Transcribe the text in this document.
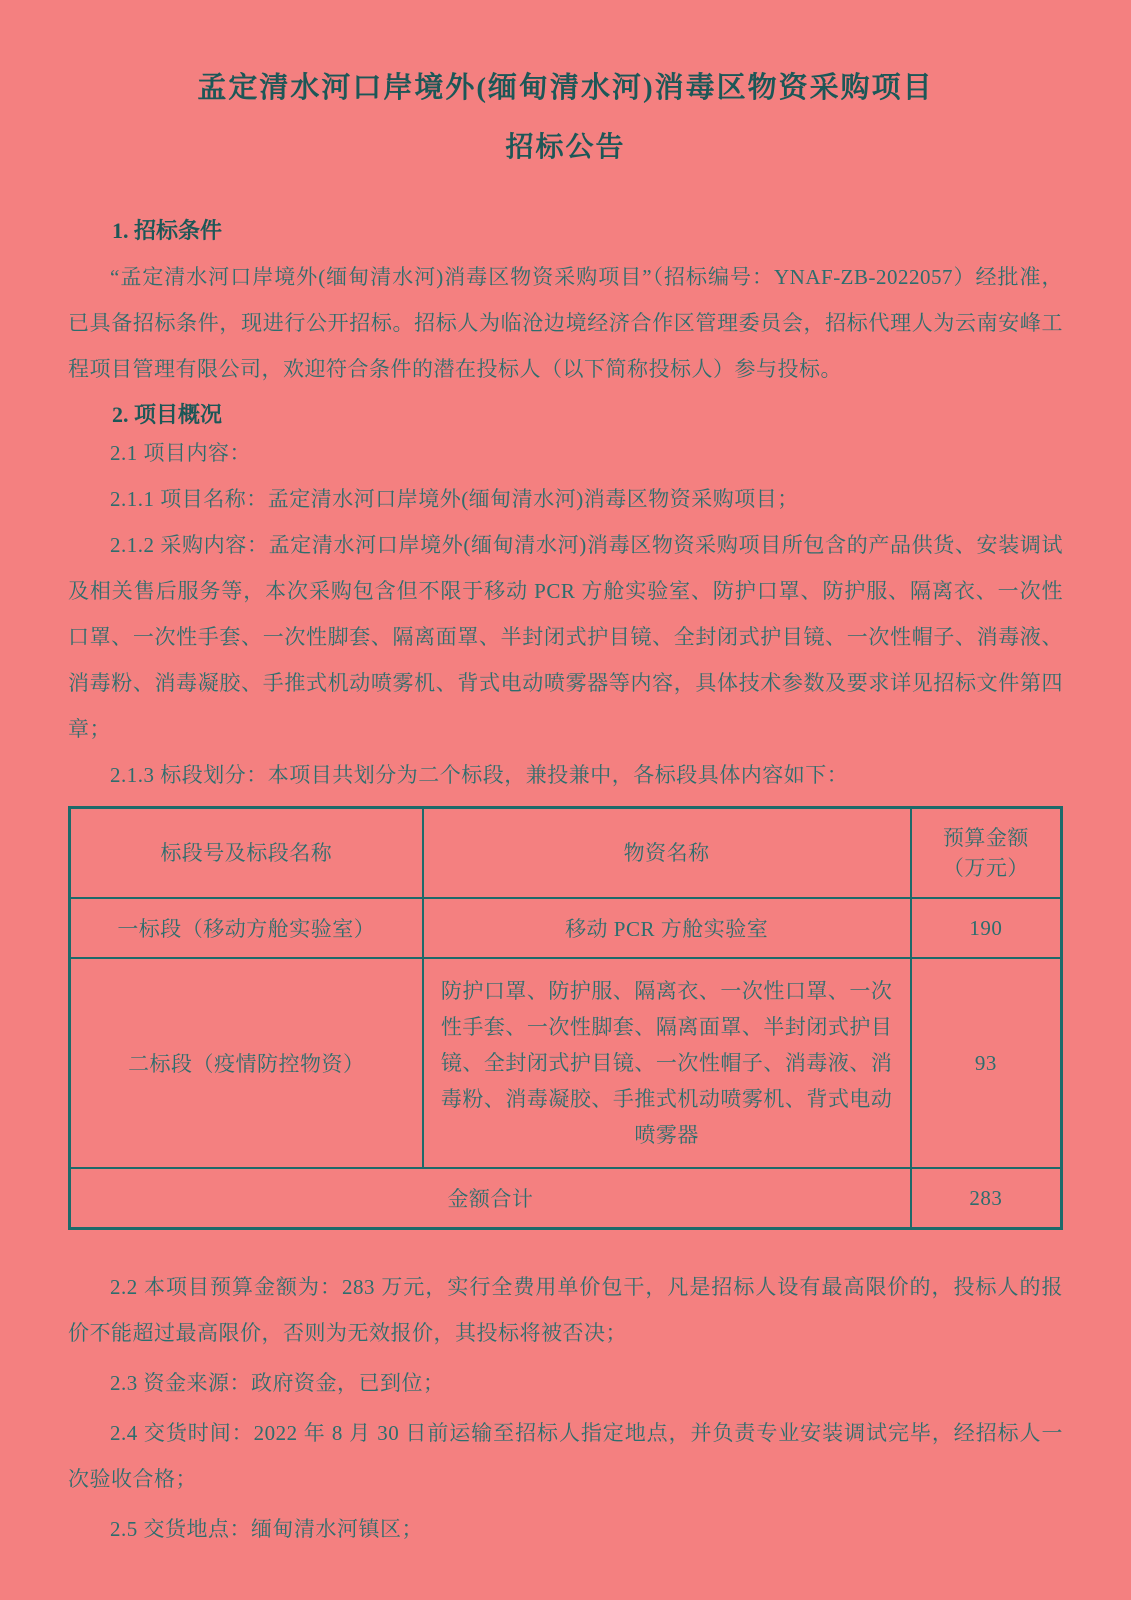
孟定清水河口岸境外(缅甸清水河)消毒区物资采购项目
招标公告
1. 招标条件

“孟定清水河口岸境外(缅甸清水河)消毒区物资采购项目”（招标编号：YNAF-ZB-2022057）经批准，已具备招标条件，现进行公开招标。招标人为临沧边境经济合作区管理委员会，招标代理人为云南安峰工程项目管理有限公司，欢迎符合条件的潜在投标人（以下简称投标人）参与投标。

2. 项目概况

2.1 项目内容：

2.1.1 项目名称：孟定清水河口岸境外(缅甸清水河)消毒区物资采购项目；

2.1.2 采购内容：孟定清水河口岸境外(缅甸清水河)消毒区物资采购项目所包含的产品供货、安装调试及相关售后服务等，本次采购包含但不限于移动 PCR 方舱实验室、防护口罩、防护服、隔离衣、一次性口罩、一次性手套、一次性脚套、隔离面罩、半封闭式护目镜、全封闭式护目镜、一次性帽子、消毒液、消毒粉、消毒凝胶、手推式机动喷雾机、背式电动喷雾器等内容，具体技术参数及要求详见招标文件第四章；

2.1.3 标段划分：本项目共划分为二个标段，兼投兼中，各标段具体内容如下：

标段号及标段名称	物资名称	预算金额
（万元）
一标段（移动方舱实验室）	移动 PCR 方舱实验室	190
二标段（疫情防控物资）	防护口罩、防护服、隔离衣、一次性口罩、一次性手套、一次性脚套、隔离面罩、半封闭式护目镜、全封闭式护目镜、一次性帽子、消毒液、消毒粉、消毒凝胶、手推式机动喷雾机、背式电动喷雾器	93
金额合计		283

2.2 本项目预算金额为：283 万元，实行全费用单价包干，凡是招标人设有最高限价的，投标人的报价不能超过最高限价，否则为无效报价，其投标将被否决；

2.3 资金来源：政府资金，已到位；

2.4 交货时间：2022 年 8 月 30 日前运输至招标人指定地点，并负责专业安装调试完毕，经招标人一次验收合格；

2.5 交货地点：缅甸清水河镇区；
